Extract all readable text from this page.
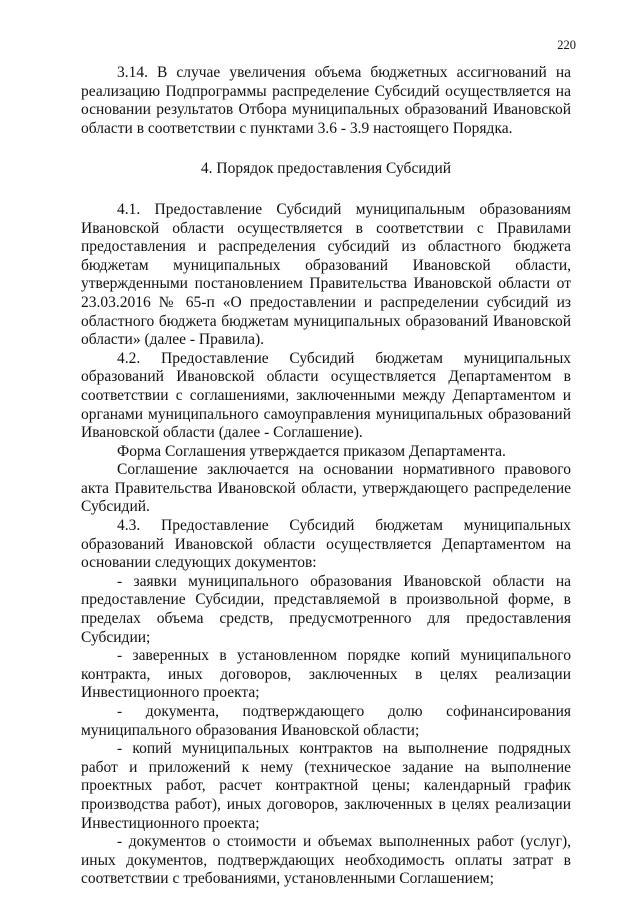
220

3.14. В случае увеличения объема бюджетных ассигнований на реализацию Подпрограммы распределение Субсидий осуществляется на основании результатов Отбора муниципальных образований Ивановской области в соответствии с пунктами 3.6 - 3.9 настоящего Порядка.

4. Порядок предоставления Субсидий

4.1. Предоставление Субсидий муниципальным образованиям Ивановской области осуществляется в соответствии с Правилами предоставления и распределения субсидий из областного бюджета бюджетам муниципальных образований Ивановской области, утвержденными постановлением Правительства Ивановской области от 23.03.2016 № 65-п «О предоставлении и распределении субсидий из областного бюджета бюджетам муниципальных образований Ивановской области» (далее - Правила).

4.2. Предоставление Субсидий бюджетам муниципальных образований Ивановской области осуществляется Департаментом в соответствии с соглашениями, заключенными между Департаментом и органами муниципального самоуправления муниципальных образований Ивановской области (далее - Соглашение).

Форма Соглашения утверждается приказом Департамента.

Соглашение заключается на основании нормативного правового акта Правительства Ивановской области, утверждающего распределение Субсидий.

4.3. Предоставление Субсидий бюджетам муниципальных образований Ивановской области осуществляется Департаментом на основании следующих документов:

- заявки муниципального образования Ивановской области на предоставление Субсидии, представляемой в произвольной форме, в пределах объема средств, предусмотренного для предоставления Субсидии;

- заверенных в установленном порядке копий муниципального контракта, иных договоров, заключенных в целях реализации Инвестиционного проекта;

- документа, подтверждающего долю софинансирования муниципального образования Ивановской области;

- копий муниципальных контрактов на выполнение подрядных работ и приложений к нему (техническое задание на выполнение проектных работ, расчет контрактной цены; календарный график производства работ), иных договоров, заключенных в целях реализации Инвестиционного проекта;

- документов о стоимости и объемах выполненных работ (услуг), иных документов, подтверждающих необходимость оплаты затрат в соответствии с требованиями, установленными Соглашением;
